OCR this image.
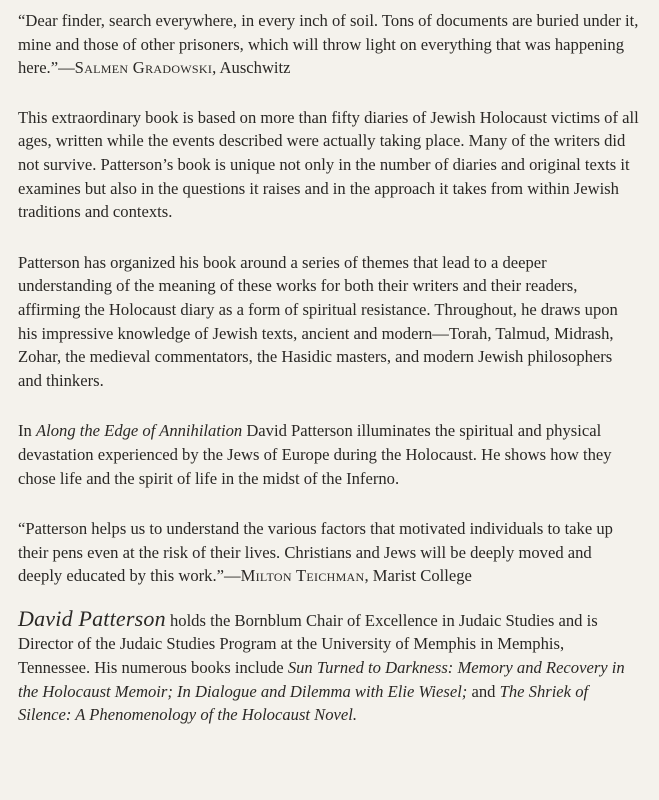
“Dear finder, search everywhere, in every inch of soil. Tons of documents are buried under it, mine and those of other prisoners, which will throw light on everything that was happening here.”—Salmen Gradowski, Auschwitz

This extraordinary book is based on more than fifty diaries of Jewish Holocaust victims of all ages, written while the events described were actually taking place. Many of the writers did not survive. Patterson’s book is unique not only in the number of diaries and original texts it examines but also in the questions it raises and in the approach it takes from within Jewish traditions and contexts.

Patterson has organized his book around a series of themes that lead to a deeper understanding of the meaning of these works for both their writers and their readers, affirming the Holocaust diary as a form of spiritual resistance. Throughout, he draws upon his impressive knowledge of Jewish texts, ancient and modern—Torah, Talmud, Midrash, Zohar, the medieval commentators, the Hasidic masters, and modern Jewish philosophers and thinkers.

In Along the Edge of Annihilation David Patterson illuminates the spiritual and physical devastation experienced by the Jews of Europe during the Holocaust. He shows how they chose life and the spirit of life in the midst of the Inferno.

“Patterson helps us to understand the various factors that motivated individuals to take up their pens even at the risk of their lives. Christians and Jews will be deeply moved and deeply educated by this work.”—Milton Teichman, Marist College

David Patterson holds the Bornblum Chair of Excellence in Judaic Studies and is Director of the Judaic Studies Program at the University of Memphis in Memphis, Tennessee. His numerous books include Sun Turned to Darkness: Memory and Recovery in the Holocaust Memoir; In Dialogue and Dilemma with Elie Wiesel; and The Shriek of Silence: A Phenomenology of the Holocaust Novel.
